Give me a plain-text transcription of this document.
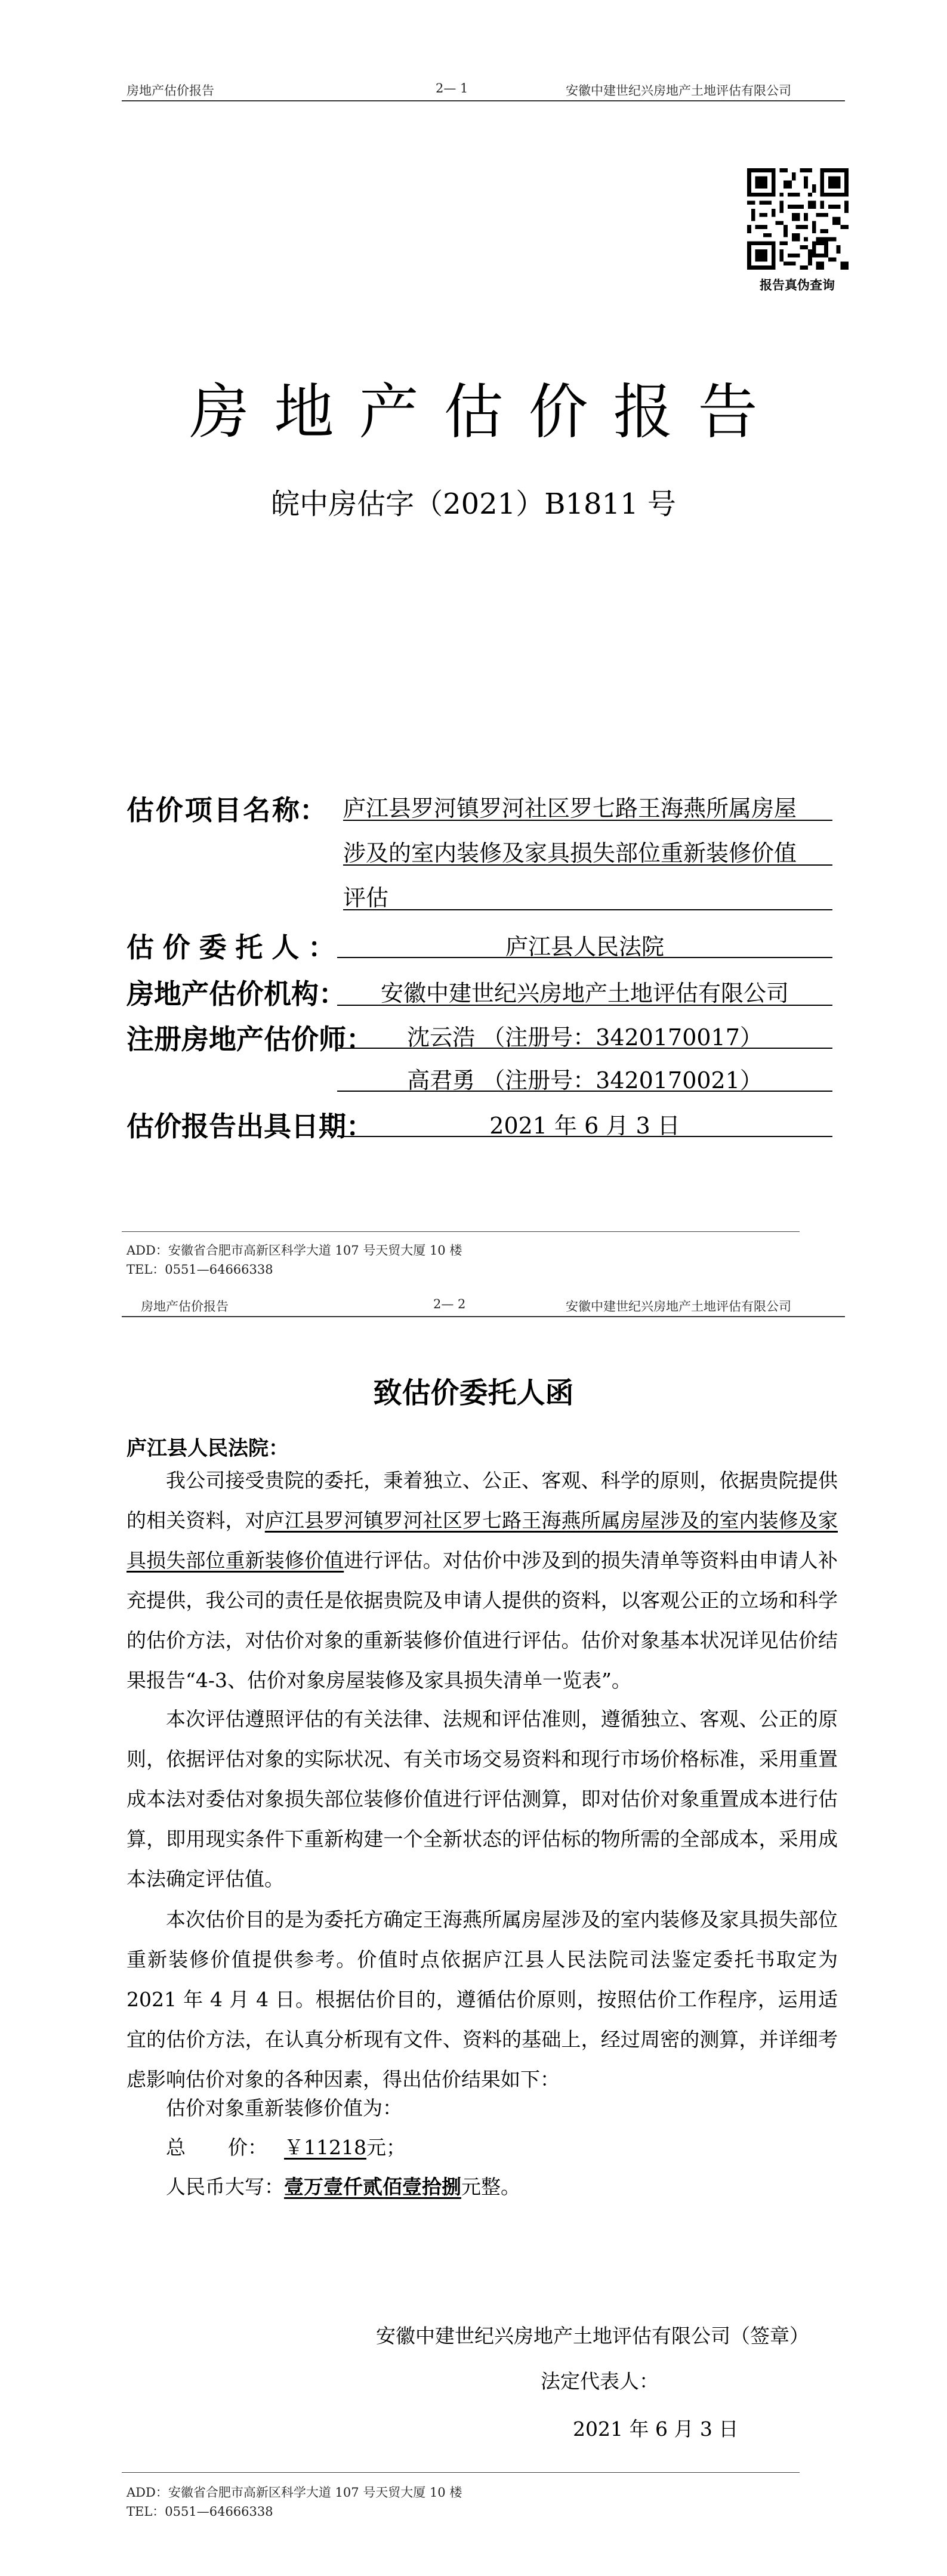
房地产估价报告	2— 1	安徽中建世纪兴房地产土地评估有限公司
报告真伪查询
房地产估价报告
皖中房估字（2021）B1811 号
估 价 项 目 名 称： 庐江县罗河镇罗河社区罗七路王海燕所属房屋
涉及的室内装修及家具损失部位重新装修价值
评估
估 价 委 托 人 ：	庐江县人民法院
房地产估价机构：	安徽中建世纪兴房地产土地评估有限公司
注册房地产估价师：	沈云浩 （注册号：3420170017）
高君勇 （注册号：3420170021）
估价报告出具日期：	2021 年 6 月 3 日
ADD：安徽省合肥市高新区科学大道 107 号天贸大厦 10 楼
TEL：0551—64666338
房地产估价报告	2— 2	安徽中建世纪兴房地产土地评估有限公司
致估价委托人函
庐江县人民法院：

我公司接受贵院的委托，秉着独立、公正、客观、科学的原则，依据贵院提供的相关资料，对庐江县罗河镇罗河社区罗七路王海燕所属房屋涉及的室内装修及家具损失部位重新装修价值进行评估。对估价中涉及到的损失清单等资料由申请人补充提供，我公司的责任是依据贵院及申请人提供的资料，以客观公正的立场和科学的估价方法，对估价对象的重新装修价值进行评估。估价对象基本状况详见估价结果报告“4-3、估价对象房屋装修及家具损失清单一览表”。

本次评估遵照评估的有关法律、法规和评估准则，遵循独立、客观、公正的原则，依据评估对象的实际状况、有关市场交易资料和现行市场价格标准，采用重置成本法对委估对象损失部位装修价值进行评估测算，即对估价对象重置成本进行估算，即用现实条件下重新构建一个全新状态的评估标的物所需的全部成本，采用成本法确定评估值。

本次估价目的是为委托方确定王海燕所属房屋涉及的室内装修及家具损失部位重新装修价值提供参考。价值时点依据庐江县人民法院司法鉴定委托书取定为 2021 年 4 月 4 日。根据估价目的，遵循估价原则，按照估价工作程序，运用适宜的估价方法，在认真分析现有文件、资料的基础上，经过周密的测算，并详细考虑影响估价对象的各种因素，得出估价结果如下：

估价对象重新装修价值为：
总 价： ￥11218元；
人民币大写：壹万壹仟贰佰壹拾捌元整。
安徽中建世纪兴房地产土地评估有限公司（签章）
法定代表人：
2021 年 6 月 3 日
ADD：安徽省合肥市高新区科学大道 107 号天贸大厦 10 楼
TEL：0551—64666338
